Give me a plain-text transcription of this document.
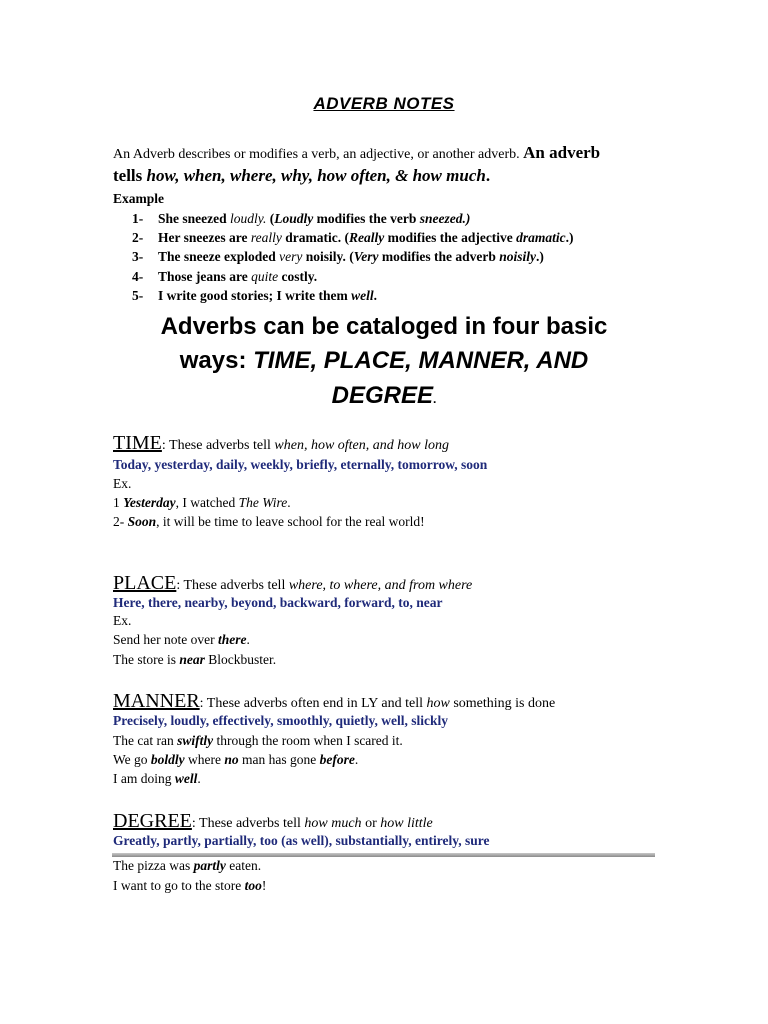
ADVERB NOTES
An Adverb describes or modifies a verb, an adjective, or another adverb. An adverb
tells how, when, where, why, how often, & how much.
Example
1- She sneezed loudly. (Loudly modifies the verb sneezed.)
2- Her sneezes are really dramatic. (Really modifies the adjective dramatic.)
3- The sneeze exploded very noisily. (Very modifies the adverb noisily.)
4- Those jeans are quite costly.
5- I write good stories; I write them well.
Adverbs can be cataloged in four basic
ways: TIME, PLACE, MANNER, AND
DEGREE.
TIME: These adverbs tell when, how often, and how long
Today, yesterday, daily, weekly, briefly, eternally, tomorrow, soon
Ex.
1 Yesterday, I watched The Wire.
2- Soon, it will be time to leave school for the real world!
PLACE: These adverbs tell where, to where, and from where
Here, there, nearby, beyond, backward, forward, to, near
Ex.
Send her note over there.
The store is near Blockbuster.
MANNER: These adverbs often end in LY and tell how something is done
Precisely, loudly, effectively, smoothly, quietly, well, slickly
The cat ran swiftly through the room when I scared it.
We go boldly where no man has gone before.
I am doing well.
DEGREE: These adverbs tell how much or how little
Greatly, partly, partially, too (as well), substantially, entirely, sure
The pizza was partly eaten.
I want to go to the store too!
